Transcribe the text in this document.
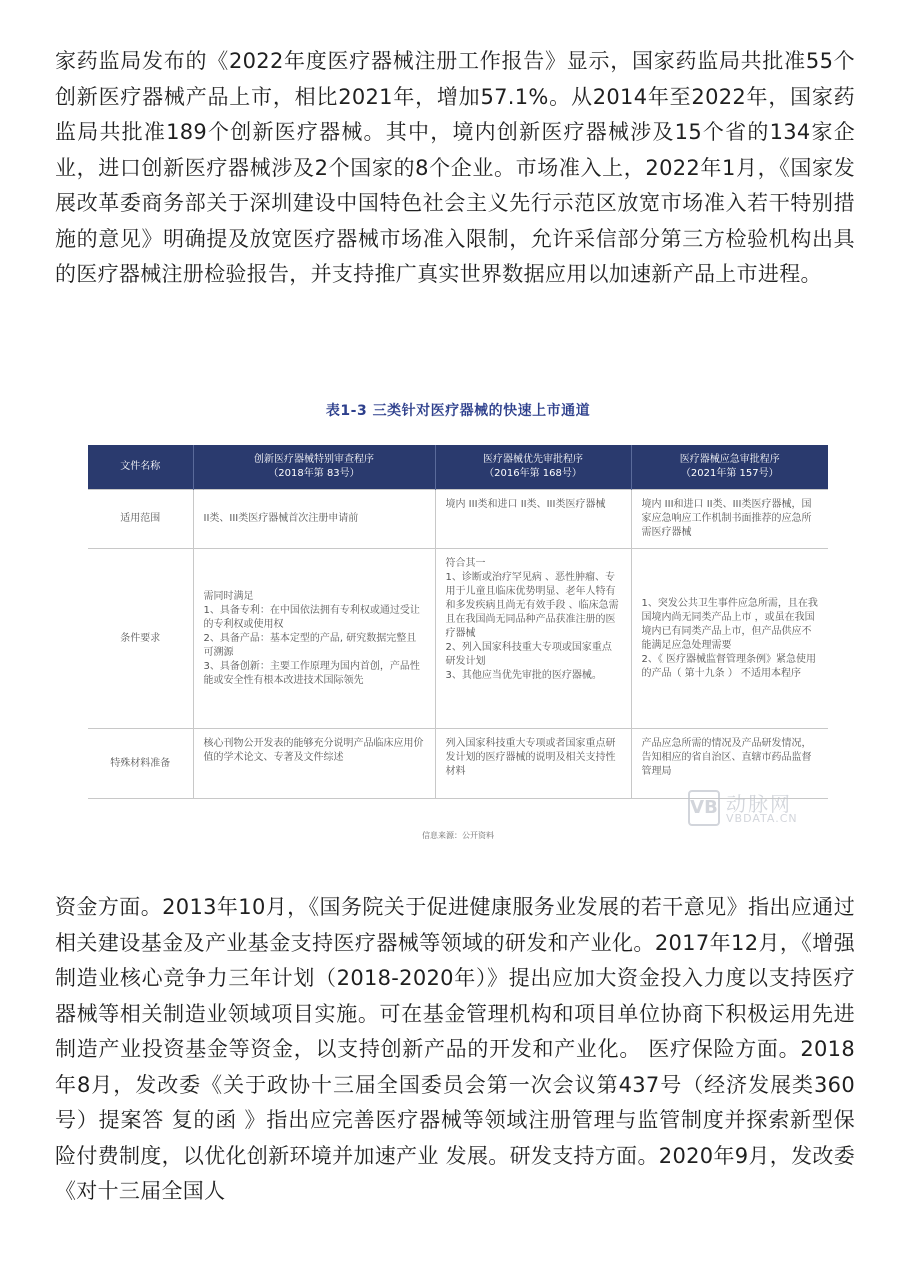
家药监局发布的《2022年度医疗器械注册工作报告》显示，国家药监局共批准55个创新医疗器械产品上市，相比2021年，增加57.1%。从2014年至2022年，国家药监局共批准189个创新医疗器械。其中，境内创新医疗器械涉及15个省的134家企业，进口创新医疗器械涉及2个国家的8个企业。市场准入上，2022年1月，《国家发展改革委商务部关于深圳建设中国特色社会主义先行示范区放宽市场准入若干特别措施的意见》明确提及放宽医疗器械市场准入限制，允许采信部分第三方检验机构出具的医疗器械注册检验报告，并支持推广真实世界数据应用以加速新产品上市进程。

表1-3 三类针对医疗器械的快速上市通道
文件名称	创新医疗器械特别审查程序
（2018年第 83号）	医疗器械优先审批程序
（2016年第 168号）	医疗器械应急审批程序
（2021年第 157号）

适用范围	II类、III类医疗器械首次注册申请前	境内 III类和进口 II类、III类医疗器械	境内 III和进口 II类、III类医疗器械，国家应急响应工作机制书面推荐的应急所需医疗器械
条件要求	需同时满足
1、具备专利：在中国依法拥有专利权或通过受让的专利权或使用权
2、具备产品：基本定型的产品, 研究数据完整且可溯源
3、具备创新：主要工作原理为国内首创，产品性能或安全性有根本改进技术国际领先	符合其一
1、诊断或治疗罕见病 、恶性肿瘤、专用于儿童且临床优势明显、老年人特有和多发疾病且尚无有效手段 、临床急需且在我国尚无同品种产品获准注册的医疗器械
2、列入国家科技重大专项或国家重点研发计划
3、其他应当优先审批的医疗器械。	1、突发公共卫生事件应急所需，且在我国境内尚无同类产品上市 ，或虽在我国境内已有同类产品上市，但产品供应不能满足应急处理需要
2、《 医疗器械监督管理条例》紧急使用的产品（ 第十九条 ） 不适用本程序
特殊材料准备	核心刊物公开发表的能够充分说明产品临床应用价值的学术论文、专著及文件综述	列入国家科技重大专项或者国家重点研发计划的医疗器械的说明及相关支持性材料	产品应急所需的情况及产品研发情况，告知相应的省自治区、直辖市药品监督管理局
信息来源：公开资料
VB 动脉网
VBDATA.CN

资金方面。2013年10月，《国务院关于促进健康服务业发展的若干意见》指出应通过相关建设基金及产业基金支持医疗器械等领域的研发和产业化。2017年12月，《增强制造业核心竞争力三年计划（2018-2020年）》提出应加大资金投入力度以支持医疗器械等相关制造业领域项目实施。可在基金管理机构和项目单位协商下积极运用先进制造产业投资基金等资金，以支持创新产品的开发和产业化。 医疗保险方面。2018年8月，发改委《关于政协十三届全国委员会第一次会议第437号（经济发展类360号）提案答 复的函 》指出应完善医疗器械等领域注册管理与监管制度并探索新型保险付费制度，以优化创新环境并加速产业 发展。研发支持方面。2020年9月，发改委《对十三届全国人
